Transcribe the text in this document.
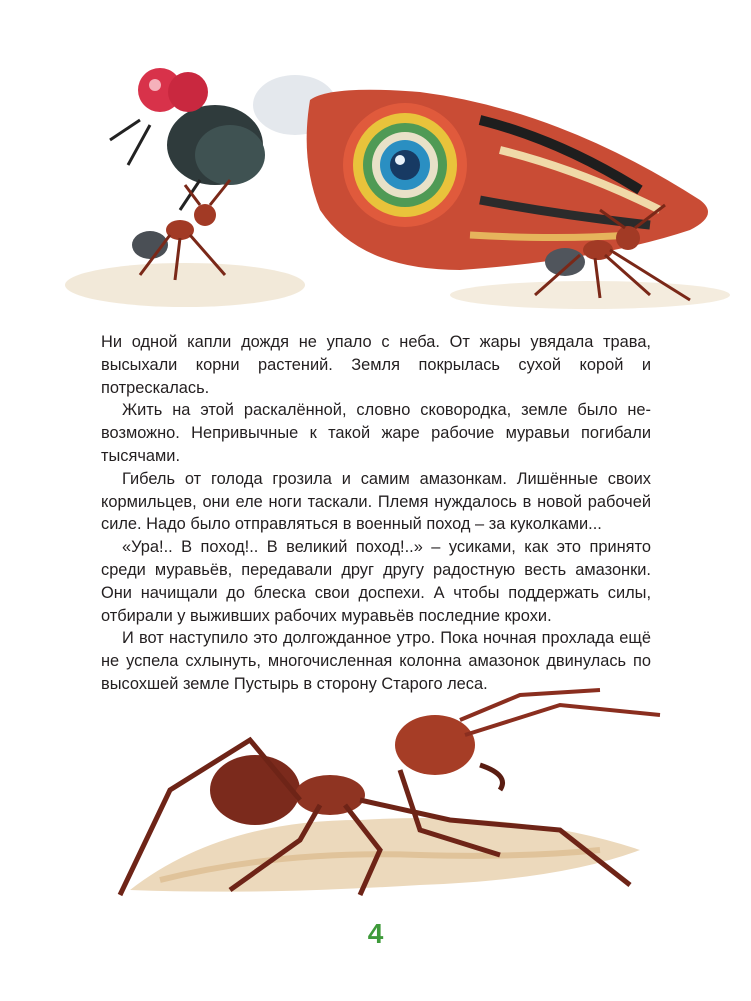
Ни одной капли дождя не упало с неба. От жары увядала трава, высыхали корни растений. Земля покрылась сухой корой и потрескалась.

Жить на этой раскалённой, словно сковородка, земле было невозможно. Непривычные к такой жаре рабочие муравьи погибали тысячами.

Гибель от голода грозила и самим амазонкам. Лишённые своих кормильцев, они еле ноги таскали. Племя нуждалось в новой рабочей силе. Надо было отправляться в военный поход – за куколками...

«Ура!.. В поход!.. В великий поход!..» – усиками, как это принято среди муравьёв, передавали друг другу радостную весть амазонки. Они начищали до блеска свои доспехи. А чтобы поддержать силы, отбирали у выживших рабочих муравьёв последние крохи.

И вот наступило это долгожданное утро. Пока ночная прохлада ещё не успела схлынуть, многочисленная колонна амазонок двинулась по высохшей земле Пустырь в сторону Старого леса.

4
